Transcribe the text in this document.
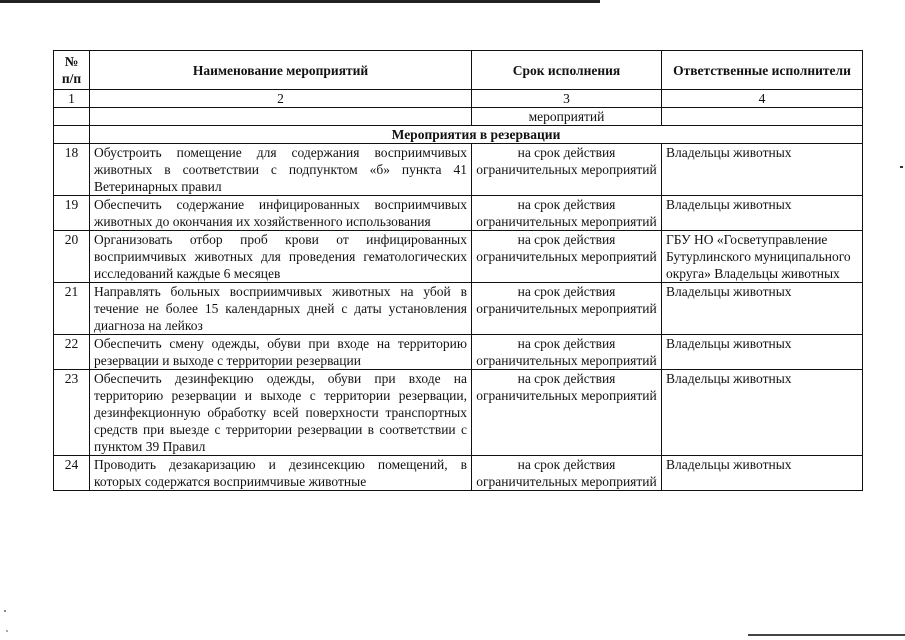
№ п/п	Наименование мероприятий	Срок исполнения	Ответственные исполнители
1	2	3	4
		мероприятий	
	Мероприятия в резервации		
18	Обустроить помещение для содержания восприимчивых животных в соответствии с подпунктом «б» пункта 41 Ветеринарных правил	на срок действия ограничительных мероприятий	Владельцы животных
19	Обеспечить содержание инфицированных восприимчивых животных до окончания их хозяйственного использования	на срок действия ограничительных мероприятий	Владельцы животных
20	Организовать отбор проб крови от инфицированных восприимчивых животных для проведения гематологических исследований каждые 6 месяцев	на срок действия ограничительных мероприятий	ГБУ НО «Госветуправление Бутурлинского муниципального округа» Владельцы животных
21	Направлять больных восприимчивых животных на убой в течение не более 15 календарных дней с даты установления диагноза на лейкоз	на срок действия ограничительных мероприятий	Владельцы животных
22	Обеспечить смену одежды, обуви при входе на территорию резервации и выходе с территории резервации	на срок действия ограничительных мероприятий	Владельцы животных
23	Обеспечить дезинфекцию одежды, обуви при входе на территорию резервации и выходе с территории резервации, дезинфекционную обработку всей поверхности транспортных средств при выезде с территории резервации в соответствии с пунктом 39 Правил	на срок действия ограничительных мероприятий	Владельцы животных
24	Проводить дезакаризацию и дезинсекцию помещений, в которых содержатся восприимчивые животные	на срок действия ограничительных мероприятий	Владельцы животных
